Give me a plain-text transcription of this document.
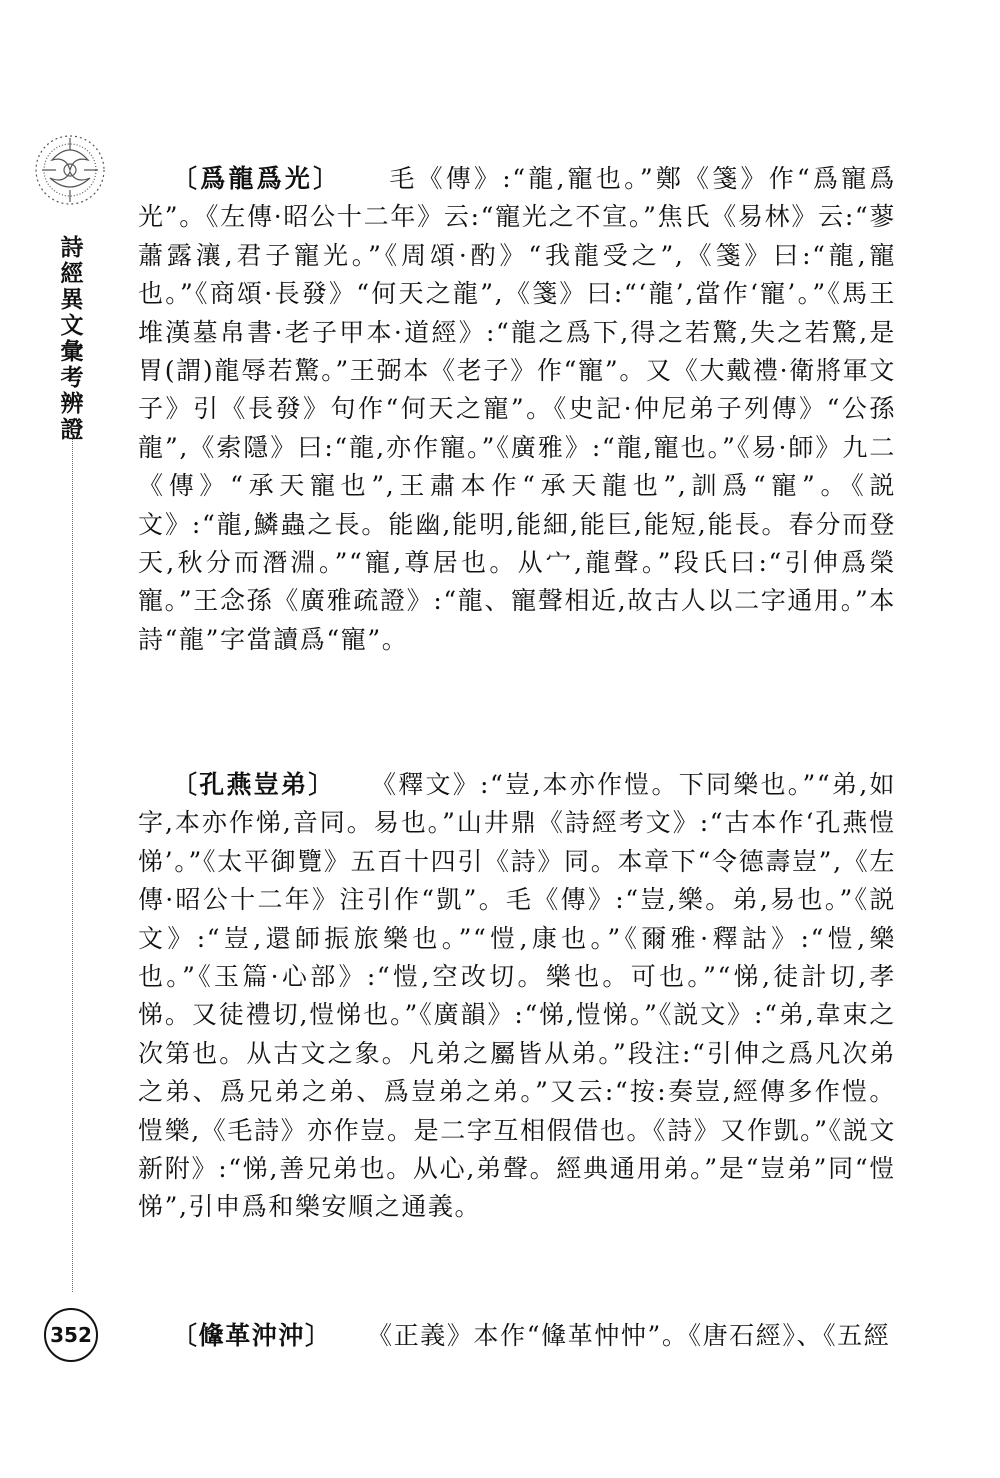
詩經異文彙考辨證
352

〔爲龍爲光〕 毛《傳》:“龍,寵也。”鄭《箋》作“爲寵爲光”。《左傳·昭公十二年》云:“寵光之不宣。”焦氏《易林》云:“蓼蕭露瀼,君子寵光。”《周頌·酌》“我龍受之”,《箋》曰:“龍,寵也。”《商頌·長發》“何天之龍”,《箋》曰:“‘龍’,當作‘寵’。”《馬王堆漢墓帛書·老子甲本·道經》:“龍之爲下,得之若驚,失之若驚,是胃(謂)龍辱若驚。”王弼本《老子》作“寵”。又《大戴禮·衛將軍文子》引《長發》句作“何天之寵”。《史記·仲尼弟子列傳》“公孫龍”,《索隱》曰:“龍,亦作寵。”《廣雅》:“龍,寵也。”《易·師》九二《傳》“承天寵也”,王肅本作“承天龍也”,訓爲“寵”。《説文》:“龍,鱗蟲之長。能幽,能明,能細,能巨,能短,能長。春分而登天,秋分而潛淵。”“寵,尊居也。从宀,龍聲。”段氏曰:“引伸爲榮寵。”王念孫《廣雅疏證》:“龍、寵聲相近,故古人以二字通用。”本詩“龍”字當讀爲“寵”。

〔孔燕豈弟〕 《釋文》:“豈,本亦作愷。下同樂也。”“弟,如字,本亦作悌,音同。易也。”山井鼎《詩經考文》:“古本作‘孔燕愷悌’。”《太平御覽》五百十四引《詩》同。本章下“令德壽豈”,《左傳·昭公十二年》注引作“凱”。毛《傳》:“豈,樂。弟,易也。”《説文》:“豈,還師振旅樂也。”“愷,康也。”《爾雅·釋詁》:“愷,樂也。”《玉篇·心部》:“愷,空改切。樂也。可也。”“悌,徒計切,孝悌。又徒禮切,愷悌也。”《廣韻》:“悌,愷悌。”《説文》:“弟,韋束之次第也。从古文之象。凡弟之屬皆从弟。”段注:“引伸之爲凡次弟之弟、爲兄弟之弟、爲豈弟之弟。”又云:“按:奏豈,經傳多作愷。愷樂,《毛詩》亦作豈。是二字互相假借也。《詩》又作凱。”《説文新附》:“悌,善兄弟也。从心,弟聲。經典通用弟。”是“豈弟”同“愷悌”,引申爲和樂安順之通義。

〔鞗革沖沖〕 《正義》本作“鞗革忡忡”。《唐石經》、《五經
